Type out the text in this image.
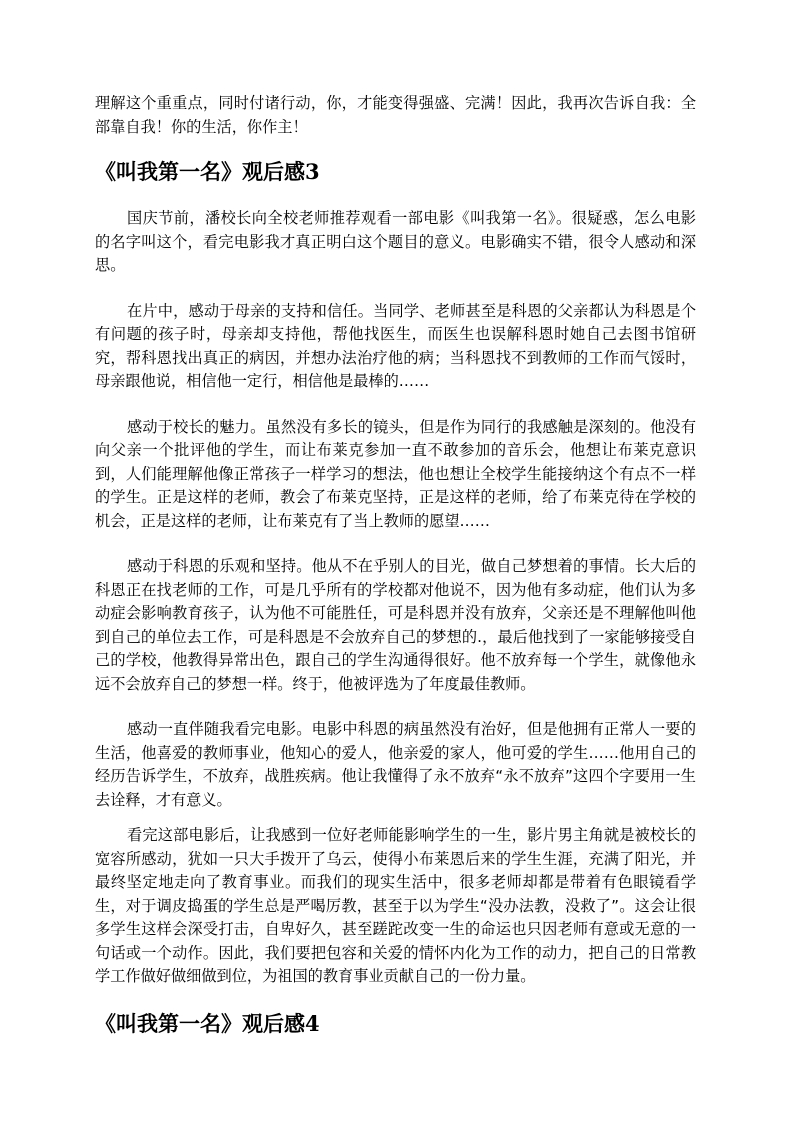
理解这个重重点，同时付诸行动，你，才能变得强盛、完满！因此，我再次告诉自我：全部靠自我！你的生活，你作主！

《叫我第一名》观后感3

国庆节前，潘校长向全校老师推荐观看一部电影《叫我第一名》。很疑惑，怎么电影的名字叫这个，看完电影我才真正明白这个题目的意义。电影确实不错，很令人感动和深思。

在片中，感动于母亲的支持和信任。当同学、老师甚至是科恩的父亲都认为科恩是个有问题的孩子时，母亲却支持他，帮他找医生，而医生也误解科恩时她自己去图书馆研究，帮科恩找出真正的病因，并想办法治疗他的病；当科恩找不到教师的工作而气馁时，母亲跟他说，相信他一定行，相信他是最棒的……

感动于校长的魅力。虽然没有多长的镜头，但是作为同行的我感触是深刻的。他没有向父亲一个批评他的学生，而让布莱克参加一直不敢参加的音乐会，他想让布莱克意识到，人们能理解他像正常孩子一样学习的想法，他也想让全校学生能接纳这个有点不一样的学生。正是这样的老师，教会了布莱克坚持，正是这样的老师，给了布莱克待在学校的机会，正是这样的老师，让布莱克有了当上教师的愿望……

感动于科恩的乐观和坚持。他从不在乎别人的目光，做自己梦想着的事情。长大后的科恩正在找老师的工作，可是几乎所有的学校都对他说不，因为他有多动症，他们认为多动症会影响教育孩子，认为他不可能胜任，可是科恩并没有放弃，父亲还是不理解他叫他到自己的单位去工作，可是科恩是不会放弃自己的梦想的.，最后他找到了一家能够接受自己的学校，他教得异常出色，跟自己的学生沟通得很好。他不放弃每一个学生，就像他永远不会放弃自己的梦想一样。终于，他被评选为了年度最佳教师。

感动一直伴随我看完电影。电影中科恩的病虽然没有治好，但是他拥有正常人一要的生活，他喜爱的教师事业，他知心的爱人，他亲爱的家人，他可爱的学生……他用自己的经历告诉学生，不放弃，战胜疾病。他让我懂得了永不放弃“永不放弃”这四个字要用一生去诠释，才有意义。

看完这部电影后，让我感到一位好老师能影响学生的一生，影片男主角就是被校长的宽容所感动，犹如一只大手拨开了乌云，使得小布莱恩后来的学生生涯，充满了阳光，并最终坚定地走向了教育事业。而我们的现实生活中，很多老师却都是带着有色眼镜看学生，对于调皮捣蛋的学生总是严喝厉教，甚至于以为学生“没办法教，没救了”。这会让很多学生这样会深受打击，自卑好久，甚至蹉跎改变一生的命运也只因老师有意或无意的一句话或一个动作。因此，我们要把包容和关爱的情怀内化为工作的动力，把自己的日常教学工作做好做细做到位，为祖国的教育事业贡献自己的一份力量。

《叫我第一名》观后感4
